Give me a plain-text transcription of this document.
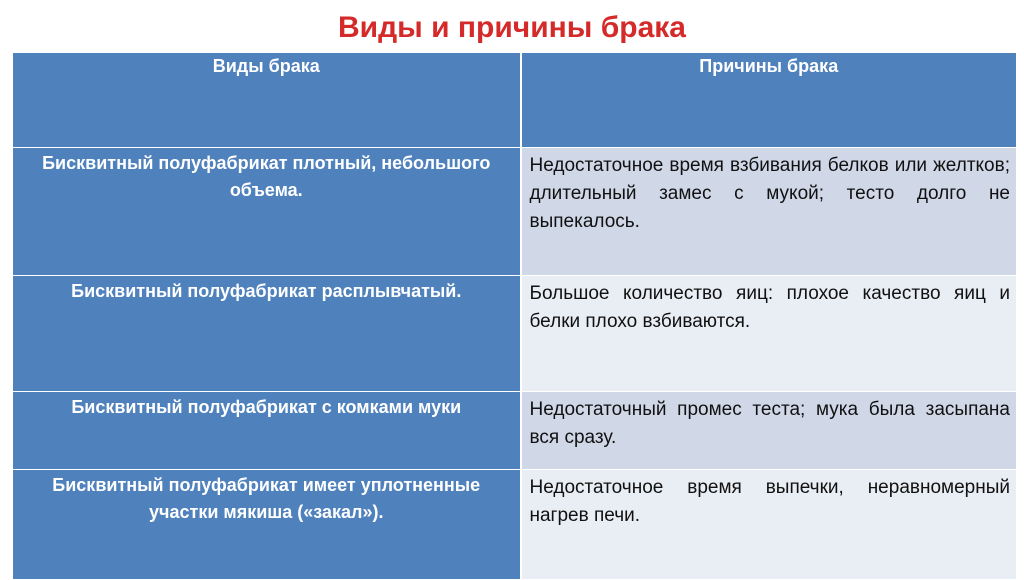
Виды и причины брака
Виды брака	Причины брака
Бисквитный полуфабрикат плотный, небольшого объема.	Недостаточное время взбивания белков или желтков; длительный замес с мукой; тесто долго не выпекалось.
Бисквитный полуфабрикат расплывчатый.	Большое количество яиц: плохое качество яиц и белки плохо взбиваются.
Бисквитный полуфабрикат с комками муки	Недостаточный промес теста; мука была засыпана вся сразу.
Бисквитный полуфабрикат имеет уплотненные участки мякиша («закал»).	Недостаточное время выпечки, неравномерный нагрев печи.
